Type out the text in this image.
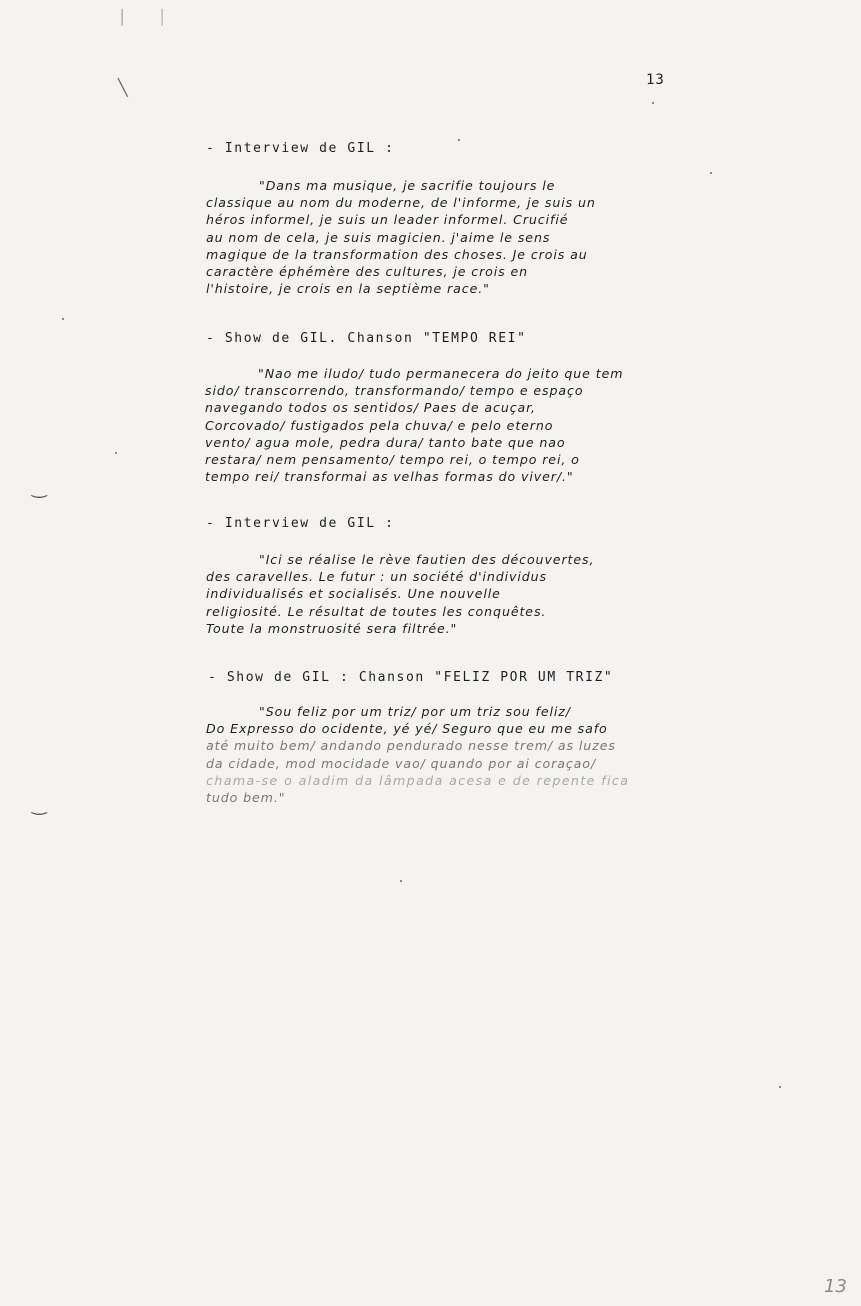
13
- Interview de GIL :
"Dans ma musique, je sacrifie toujours le
classique au nom du moderne, de l'informe, je suis un
héros informel, je suis un leader informel. Crucifié
au nom de cela, je suis magicien. j'aime le sens
magique de la transformation des choses. Je crois au
caractère éphémère des cultures, je crois en
l'histoire, je crois en la septième race."
- Show de GIL. Chanson "TEMPO REI"
"Nao me iludo/ tudo permanecera do jeito que tem
sido/ transcorrendo, transformando/ tempo e espaço
navegando todos os sentidos/ Paes de acuçar,
Corcovado/ fustigados pela chuva/ e pelo eterno
vento/ agua mole, pedra dura/ tanto bate que nao
restara/ nem pensamento/ tempo rei, o tempo rei, o
tempo rei/ transformai as velhas formas do viver/."
- Interview de GIL :
"Ici se réalise le rève fautien des découvertes,
des caravelles. Le futur : un société d'individus
individualisés et socialisés. Une nouvelle
religiosité. Le résultat de toutes les conquêtes.
Toute la monstruosité sera filtrée."
- Show de GIL : Chanson "FELIZ POR UM TRIZ"
"Sou feliz por um triz/ por um triz sou feliz/
Do Expresso do ocidente, yé yé/ Seguro que eu me safo
até muito bem/ andando pendurado nesse trem/ as luzes
da cidade, mod mocidade vao/ quando por ai coraçao/
chama-se o aladim da lâmpada acesa e de repente fica
tudo bem."
‿
‿
│ │
╲
13
